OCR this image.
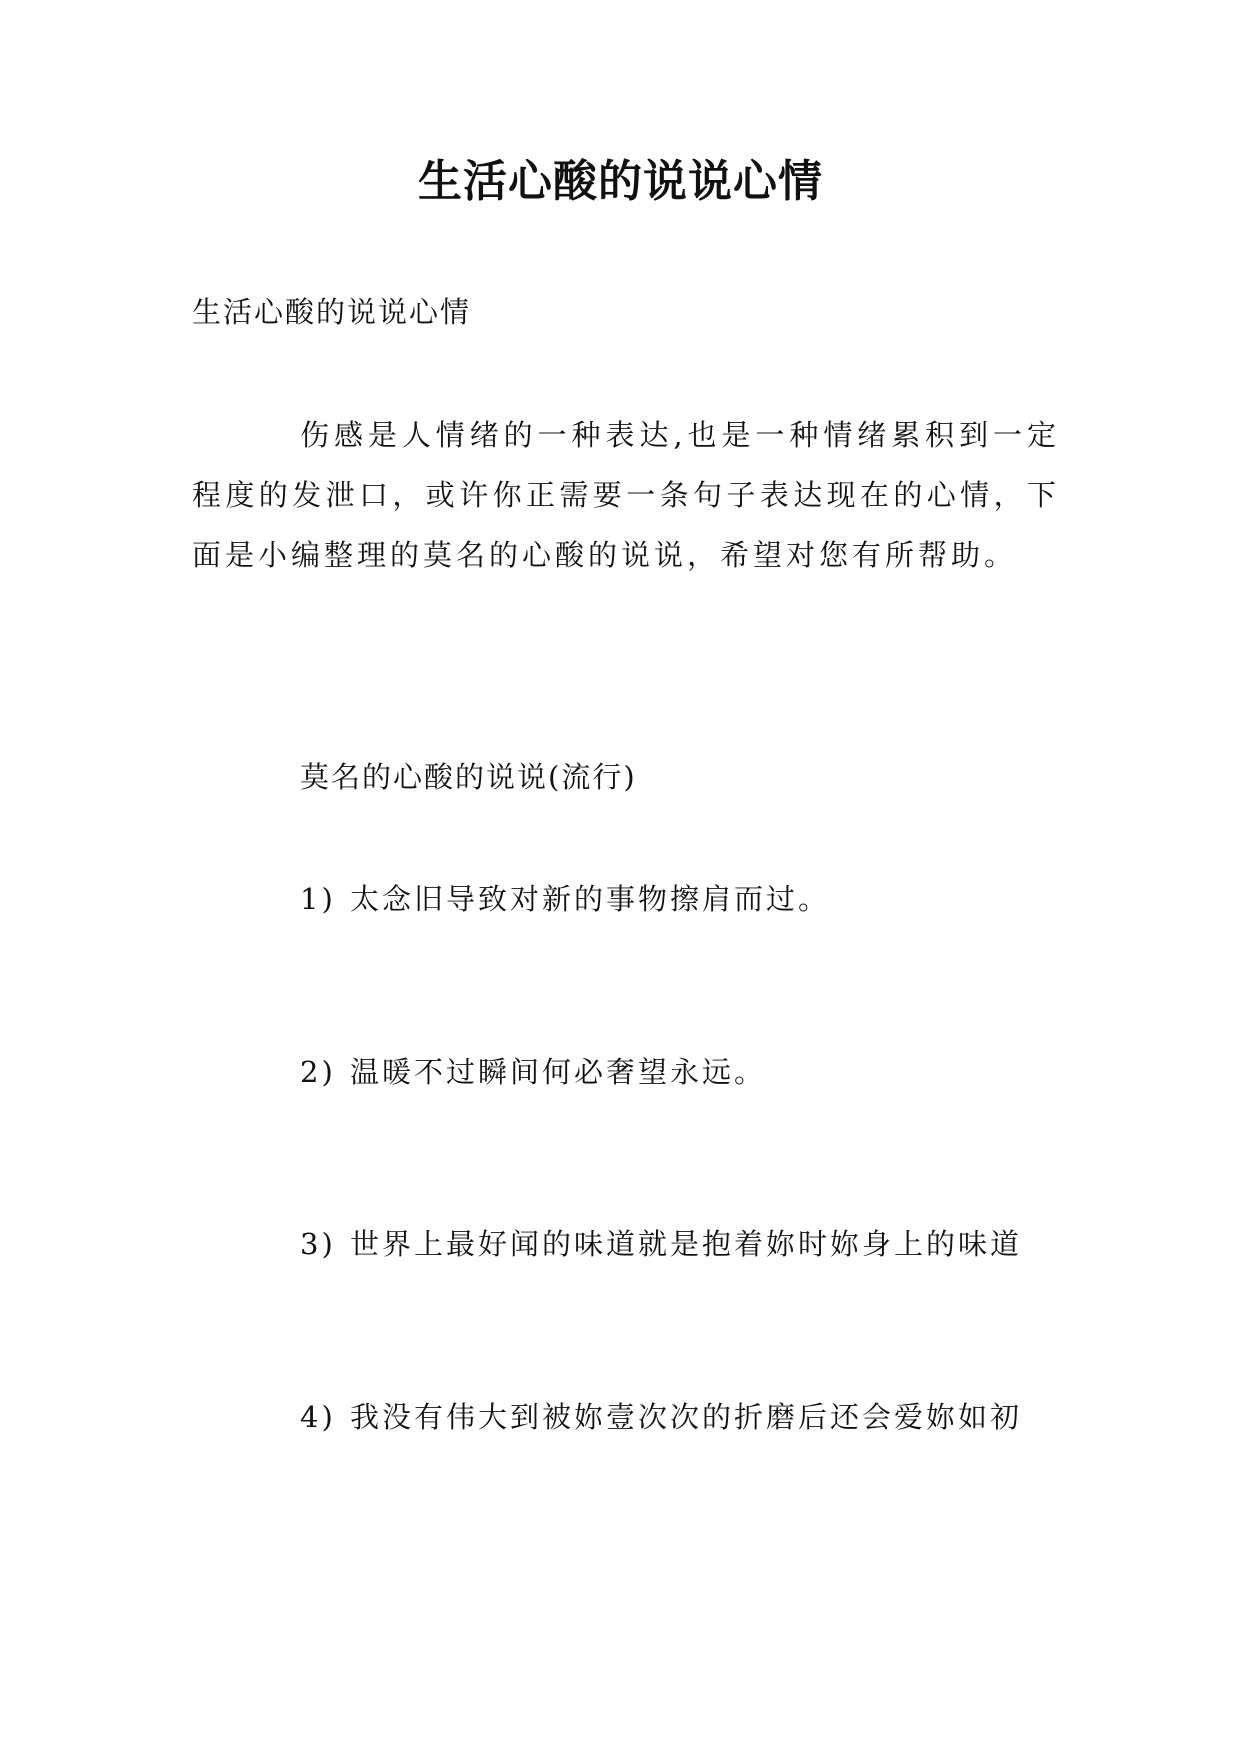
生活心酸的说说心情
生活心酸的说说心情
伤感是人情绪的一种表达,也是一种情绪累积到一定程度的发泄口，或许你正需要一条句子表达现在的心情，下面是小编整理的莫名的心酸的说说，希望对您有所帮助。
莫名的心酸的说说(流行)
1) 太念旧导致对新的事物擦肩而过。
2) 温暖不过瞬间何必奢望永远。
3) 世界上最好闻的味道就是抱着妳时妳身上的味道
4) 我没有伟大到被妳壹次次的折磨后还会爱妳如初
